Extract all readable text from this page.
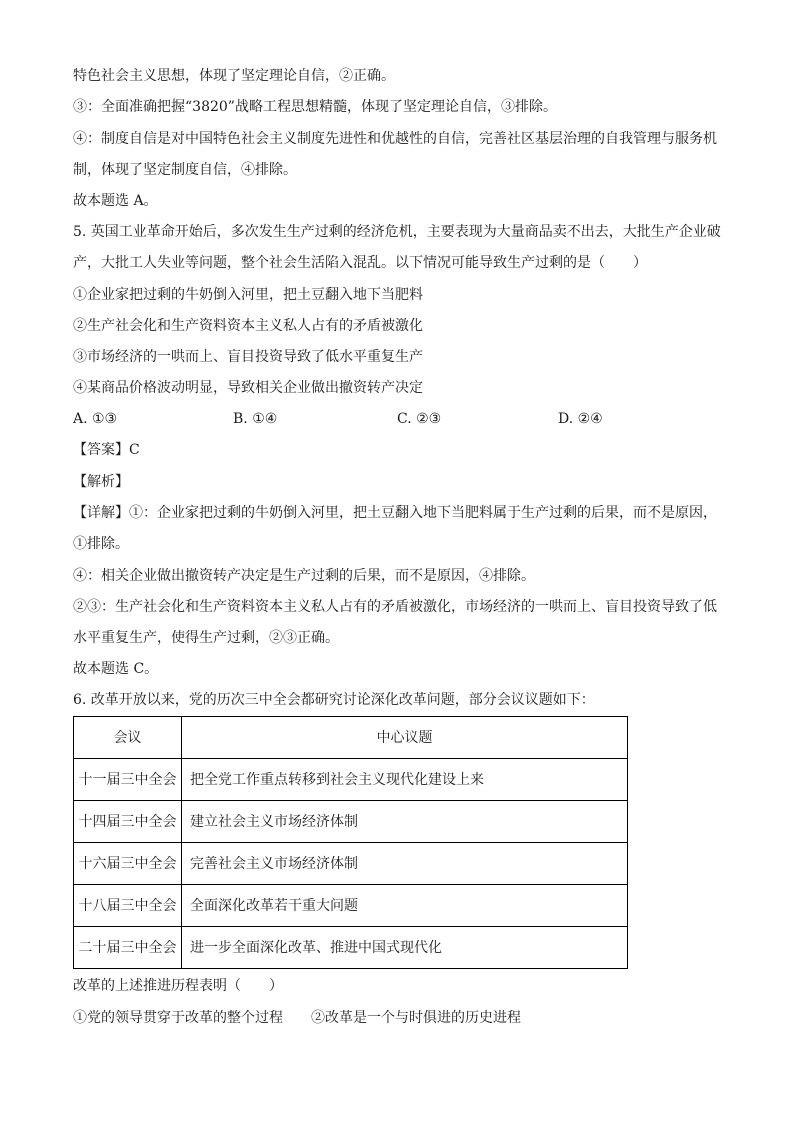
特色社会主义思想，体现了坚定理论自信，②正确。
③：全面准确把握“3820”战略工程思想精髓，体现了坚定理论自信，③排除。
④：制度自信是对中国特色社会主义制度先进性和优越性的自信，完善社区基层治理的自我管理与服务机
制，体现了坚定制度自信，④排除。
故本题选 A。
5. 英国工业革命开始后，多次发生生产过剩的经济危机，主要表现为大量商品卖不出去，大批生产企业破
产，大批工人失业等问题，整个社会生活陷入混乱。以下情况可能导致生产过剩的是（　　）
①企业家把过剩的牛奶倒入河里，把土豆翻入地下当肥料
②生产社会化和生产资料资本主义私人占有的矛盾被激化
③市场经济的一哄而上、盲目投资导致了低水平重复生产
④某商品价格波动明显，导致相关企业做出撤资转产决定
A. ①③	B. ①④	C. ②③	D. ②④
【答案】C
【解析】
【详解】①：企业家把过剩的牛奶倒入河里，把土豆翻入地下当肥料属于生产过剩的后果，而不是原因，
①排除。
④：相关企业做出撤资转产决定是生产过剩的后果，而不是原因，④排除。
②③：生产社会化和生产资料资本主义私人占有的矛盾被激化，市场经济的一哄而上、盲目投资导致了低
水平重复生产，使得生产过剩，②③正确。
故本题选 C。
6. 改革开放以来，党的历次三中全会都研究讨论深化改革问题，部分会议议题如下：
会议	中心议题
十一届三中全会	把全党工作重点转移到社会主义现代化建设上来
十四届三中全会	建立社会主义市场经济体制
十六届三中全会	完善社会主义市场经济体制
十八届三中全会	全面深化改革若干重大问题
二十届三中全会	进一步全面深化改革、推进中国式现代化
改革的上述推进历程表明（　　）
①党的领导贯穿于改革的整个过程　　②改革是一个与时俱进的历史进程
